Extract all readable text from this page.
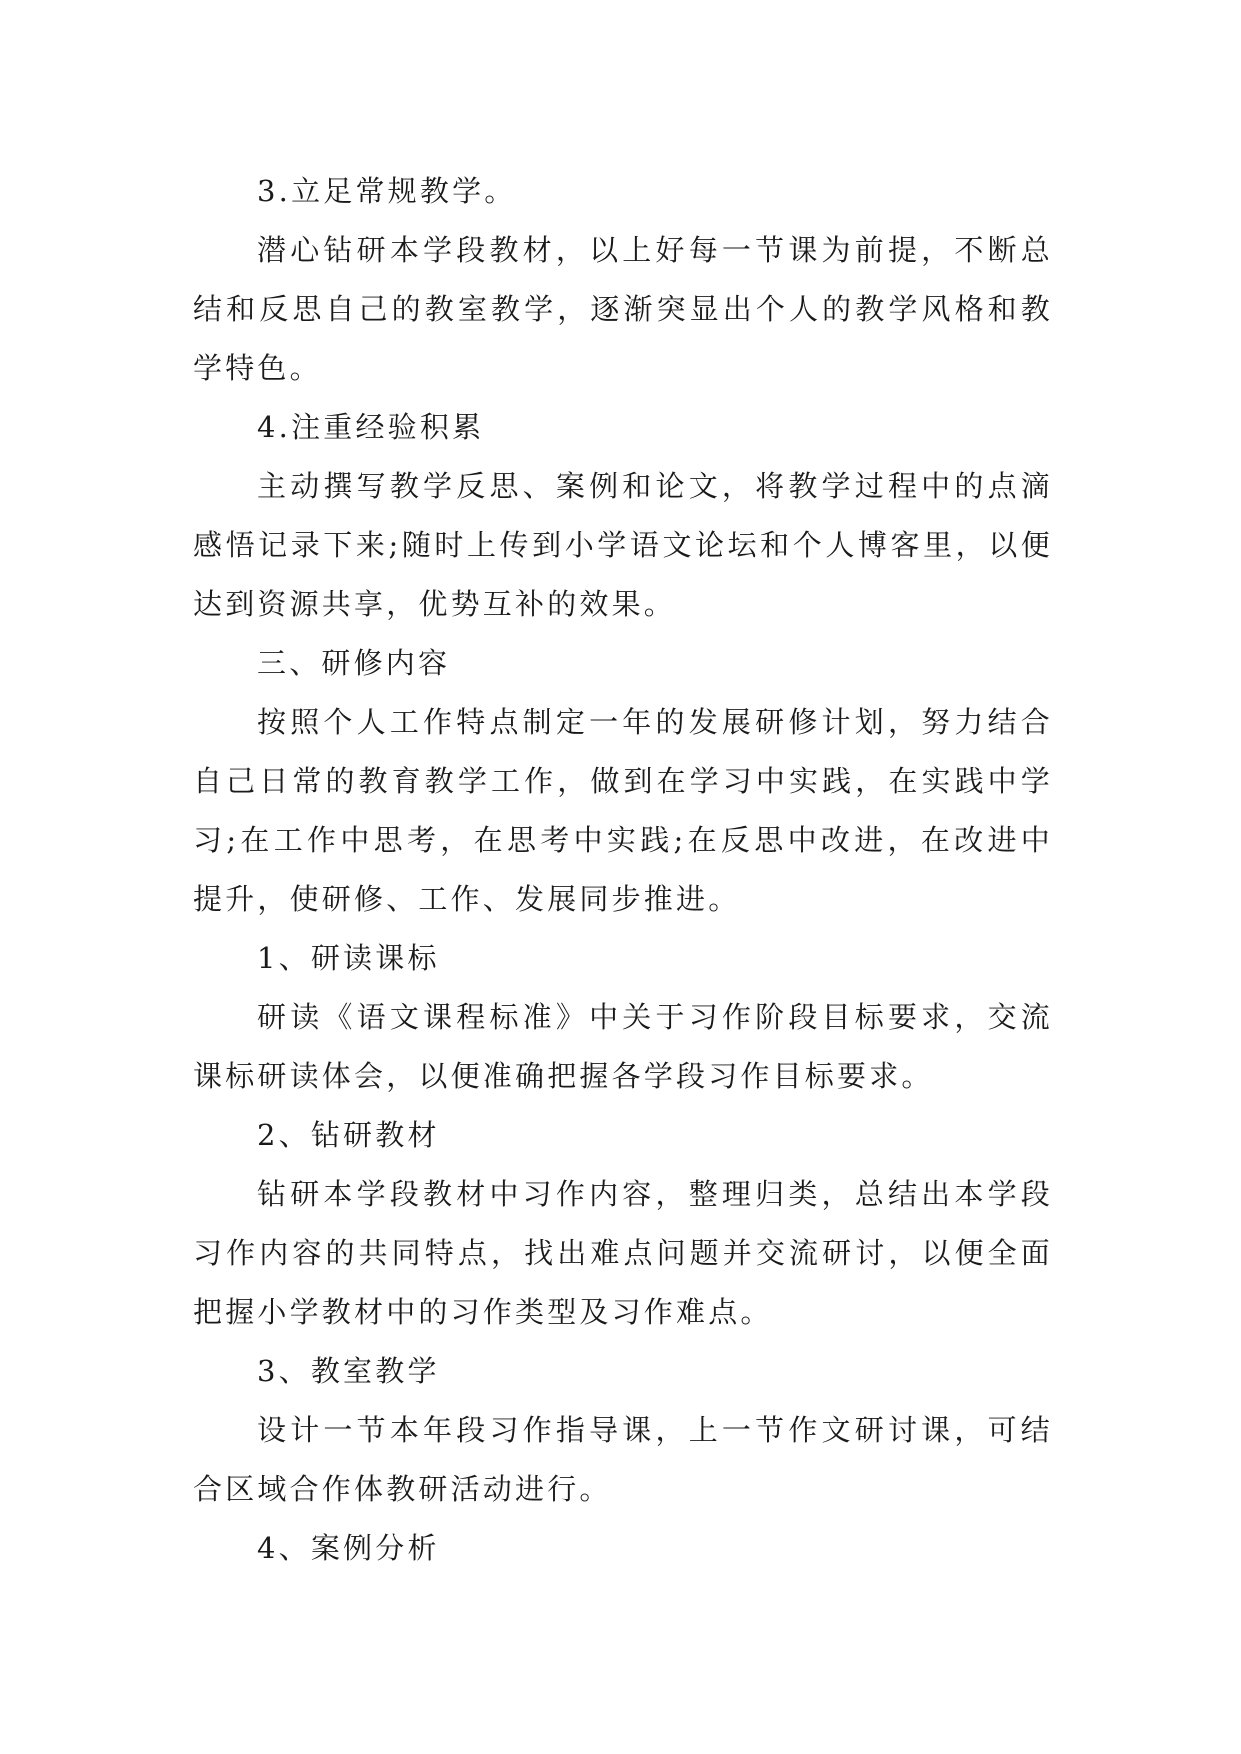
3.立足常规教学。

潜心钻研本学段教材，以上好每一节课为前提，不断总结和反思自己的教室教学，逐渐突显出个人的教学风格和教学特色。

4.注重经验积累

主动撰写教学反思、案例和论文，将教学过程中的点滴感悟记录下来;随时上传到小学语文论坛和个人博客里，以便达到资源共享，优势互补的效果。

三、研修内容

按照个人工作特点制定一年的发展研修计划，努力结合自己日常的教育教学工作，做到在学习中实践，在实践中学习;在工作中思考，在思考中实践;在反思中改进，在改进中提升，使研修、工作、发展同步推进。

1、研读课标

研读《语文课程标准》中关于习作阶段目标要求，交流课标研读体会，以便准确把握各学段习作目标要求。

2、钻研教材

钻研本学段教材中习作内容，整理归类，总结出本学段习作内容的共同特点，找出难点问题并交流研讨，以便全面把握小学教材中的习作类型及习作难点。

3、教室教学

设计一节本年段习作指导课，上一节作文研讨课，可结合区域合作体教研活动进行。

4、案例分析
